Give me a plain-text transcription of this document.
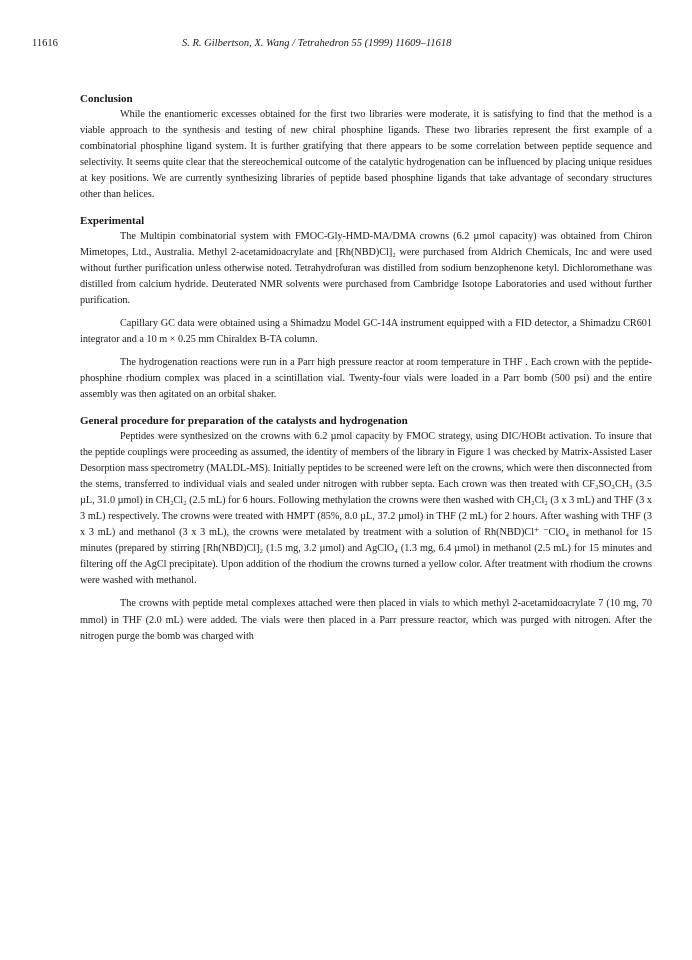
11616	S. R. Gilbertson, X. Wang / Tetrahedron 55 (1999) 11609–11618
Conclusion

While the enantiomeric excesses obtained for the first two libraries were moderate, it is satisfying to find that the method is a viable approach to the synthesis and testing of new chiral phosphine ligands. These two libraries represent the first example of a combinatorial phosphine ligand system. It is further gratifying that there appears to be some correlation between peptide sequence and selectivity. It seems quite clear that the stereochemical outcome of the catalytic hydrogenation can be influenced by placing unique residues at key positions. We are currently synthesizing libraries of peptide based phosphine ligands that take advantage of secondary structures other than helices.

Experimental

The Multipin combinatorial system with FMOC-Gly-HMD-MA/DMA crowns (6.2 µmol capacity) was obtained from Chiron Mimetopes, Ltd., Australia. Methyl 2-acetamidoacrylate and [Rh(NBD)Cl]₂ were purchased from Aldrich Chemicals, Inc and were used without further purification unless otherwise noted. Tetrahydrofuran was distilled from sodium benzophenone ketyl. Dichloromethane was distilled from calcium hydride. Deuterated NMR solvents were purchased from Cambridge Isotope Laboratories and used without further purification.

Capillary GC data were obtained using a Shimadzu Model GC-14A instrument equipped with a FID detector, a Shimadzu CR601 integrator and a 10 m × 0.25 mm Chiraldex B-TA column.

The hydrogenation reactions were run in a Parr high pressure reactor at room temperature in THF . Each crown with the peptide-phosphine rhodium complex was placed in a scintillation vial. Twenty-four vials were loaded in a Parr bomb (500 psi) and the entire assembly was then agitated on an orbital shaker.

General procedure for preparation of the catalysts and hydrogenation

Peptides were synthesized on the crowns with 6.2 µmol capacity by FMOC strategy, using DIC/HOBt activation. To insure that the peptide couplings were proceeding as assumed, the identity of members of the library in Figure 1 was checked by Matrix-Assisted Laser Desorption mass spectrometry (MALDL-MS). Initially peptides to be screened were left on the crowns, which were then disconnected from the stems, transferred to individual vials and sealed under nitrogen with rubber septa. Each crown was then treated with CF₃SO₃CH₃ (3.5 µL, 31.0 µmol) in CH₂Cl₂ (2.5 mL) for 6 hours. Following methylation the crowns were then washed with CH₂Cl₂ (3 x 3 mL) and THF (3 x 3 mL) respectively. The crowns were treated with HMPT (85%, 8.0 µL, 37.2 µmol) in THF (2 mL) for 2 hours. After washing with THF (3 x 3 mL) and methanol (3 x 3 mL), the crowns were metalated by treatment with a solution of Rh(NBD)Cl⁺ ⁻ClO₄ in methanol for 15 minutes (prepared by stirring [Rh(NBD)Cl]₂ (1.5 mg, 3.2 µmol) and AgClO₄ (1.3 mg, 6.4 µmol) in methanol (2.5 mL) for 15 minutes and filtering off the AgCl precipitate). Upon addition of the rhodium the crowns turned a yellow color. After treatment with rhodium the crowns were washed with methanol.

The crowns with peptide metal complexes attached were then placed in vials to which methyl 2-acetamidoacrylate 7 (10 mg, 70 mmol) in THF (2.0 mL) were added. The vials were then placed in a Parr pressure reactor, which was purged with nitrogen. After the nitrogen purge the bomb was charged with
